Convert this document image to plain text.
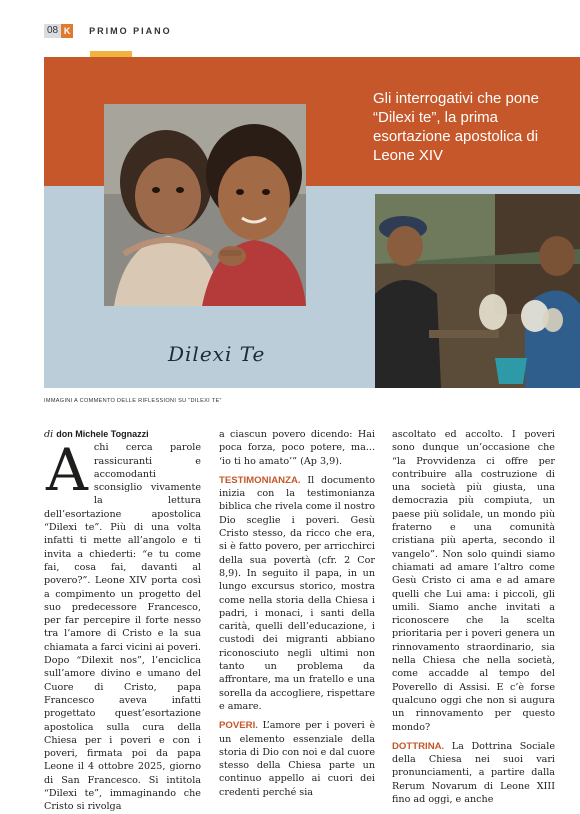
08 K	PRIMO PIANO
Gli interrogativi che pone “Dilexi te”, la prima esortazione apostolica di Leone XIV
Dilexi Te
IMMAGINI A COMMENTO DELLE RIFLESSIONI SU “DILEXI TE”

di don Michele Tognazzi

A chi cerca parole rassicuranti e accomodanti sconsiglio vivamente la lettura dell’esortazione apostolica “Dilexi te”. Più di una volta infatti ti mette all’angolo e ti invita a chiederti: “e tu come fai, cosa fai, davanti al povero?”. Leone XIV porta così a compimento un progetto del suo predecessore Francesco, per far percepire il forte nesso tra l’amore di Cristo e la sua chiamata a farci vicini ai poveri. Dopo “Dilexit nos”, l’enciclica sull’amore divino e umano del Cuore di Cristo, papa Francesco aveva infatti progettato quest’esortazione apostolica sulla cura della Chiesa per i poveri e con i poveri, firmata poi da papa Leone il 4 ottobre 2025, giorno di San Francesco. Si intitola “Dilexi te”, immaginando che Cristo si rivolga

a ciascun povero dicendo: Hai poca forza, poco potere, ma... ‘io ti ho amato’” (Ap 3,9).

TESTIMONIANZA. Il documento inizia con la testimonianza biblica che rivela come il nostro Dio sceglie i poveri. Gesù Cristo stesso, da ricco che era, si è fatto povero, per arricchirci della sua povertà (cfr. 2 Cor 8,9). In seguito il papa, in un lungo excursus storico, mostra come nella storia della Chiesa i padri, i monaci, i santi della carità, quelli dell’educazione, i custodi dei migranti abbiano riconosciuto negli ultimi non tanto un problema da affrontare, ma un fratello e una sorella da accogliere, rispettare e amare.

POVERI. L’amore per i poveri è un elemento essenziale della storia di Dio con noi e dal cuore stesso della Chiesa parte un continuo appello ai cuori dei credenti perché sia

ascoltato ed accolto. I poveri sono dunque un’occasione che “la Provvidenza ci offre per contribuire alla costruzione di una società più giusta, una democrazia più compiuta, un paese più solidale, un mondo più fraterno e una comunità cristiana più aperta, secondo il vangelo”. Non solo quindi siamo chiamati ad amare l’altro come Gesù Cristo ci ama e ad amare quelli che Lui ama: i piccoli, gli umili. Siamo anche invitati a riconoscere che la scelta prioritaria per i poveri genera un rinnovamento straordinario, sia nella Chiesa che nella società, come accadde al tempo del Poverello di Assisi. E c’è forse qualcuno oggi che non si augura un rinnovamento per questo mondo?

DOTTRINA. La Dottrina Sociale della Chiesa nei suoi vari pronunciamenti, a partire dalla Rerum Novarum di Leone XIII fino ad oggi, e anche
